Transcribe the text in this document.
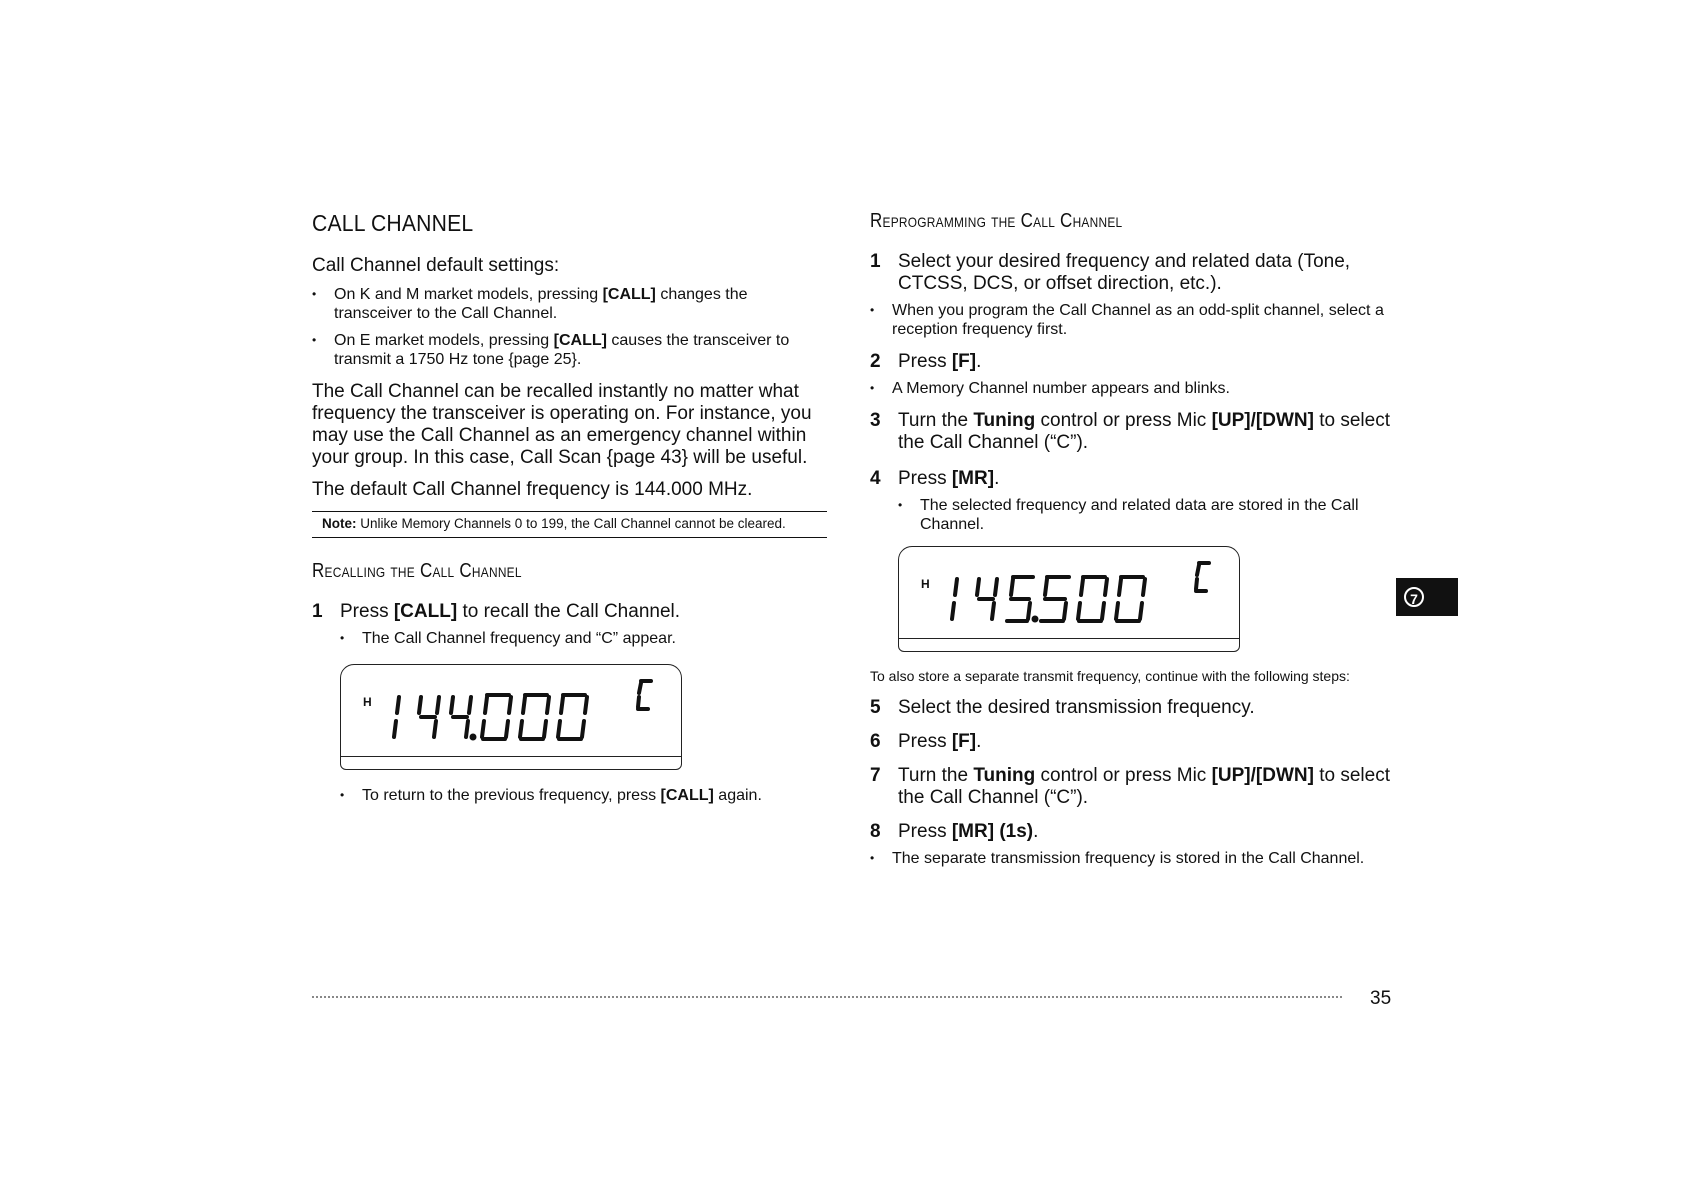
CALL CHANNEL

Call Channel default settings:

• On K and M market models, pressing [CALL] changes the transceiver to the Call Channel.
• On E market models, pressing [CALL] causes the transceiver to transmit a 1750 Hz tone {page 25}.

The Call Channel can be recalled instantly no matter what frequency the transceiver is operating on. For instance, you may use the Call Channel as an emergency channel within your group. In this case, Call Scan {page 43} will be useful.

The default Call Channel frequency is 144.000 MHz.

Note: Unlike Memory Channels 0 to 199, the Call Channel cannot be cleared.
Recalling the Call Channel
1 Press [CALL] to recall the Call Channel.
• The Call Channel frequency and “C” appear.
H
• To return to the previous frequency, press [CALL] again.
Reprogramming the Call Channel
1 Select your desired frequency and related data (Tone, CTCSS, DCS, or offset direction, etc.).
• When you program the Call Channel as an odd-split channel, select a reception frequency first.
2 Press [F].
• A Memory Channel number appears and blinks.
3 Turn the Tuning control or press Mic [UP]/[DWN] to select the Call Channel (“C”).
4 Press [MR].
• The selected frequency and related data are stored in the Call Channel.
H

To also store a separate transmit frequency, continue with the following steps:

5 Select the desired transmission frequency.
6 Press [F].
7 Turn the Tuning control or press Mic [UP]/[DWN] to select the Call Channel (“C”).
8 Press [MR] (1s).
• The separate transmission frequency is stored in the Call Channel.
7
35
